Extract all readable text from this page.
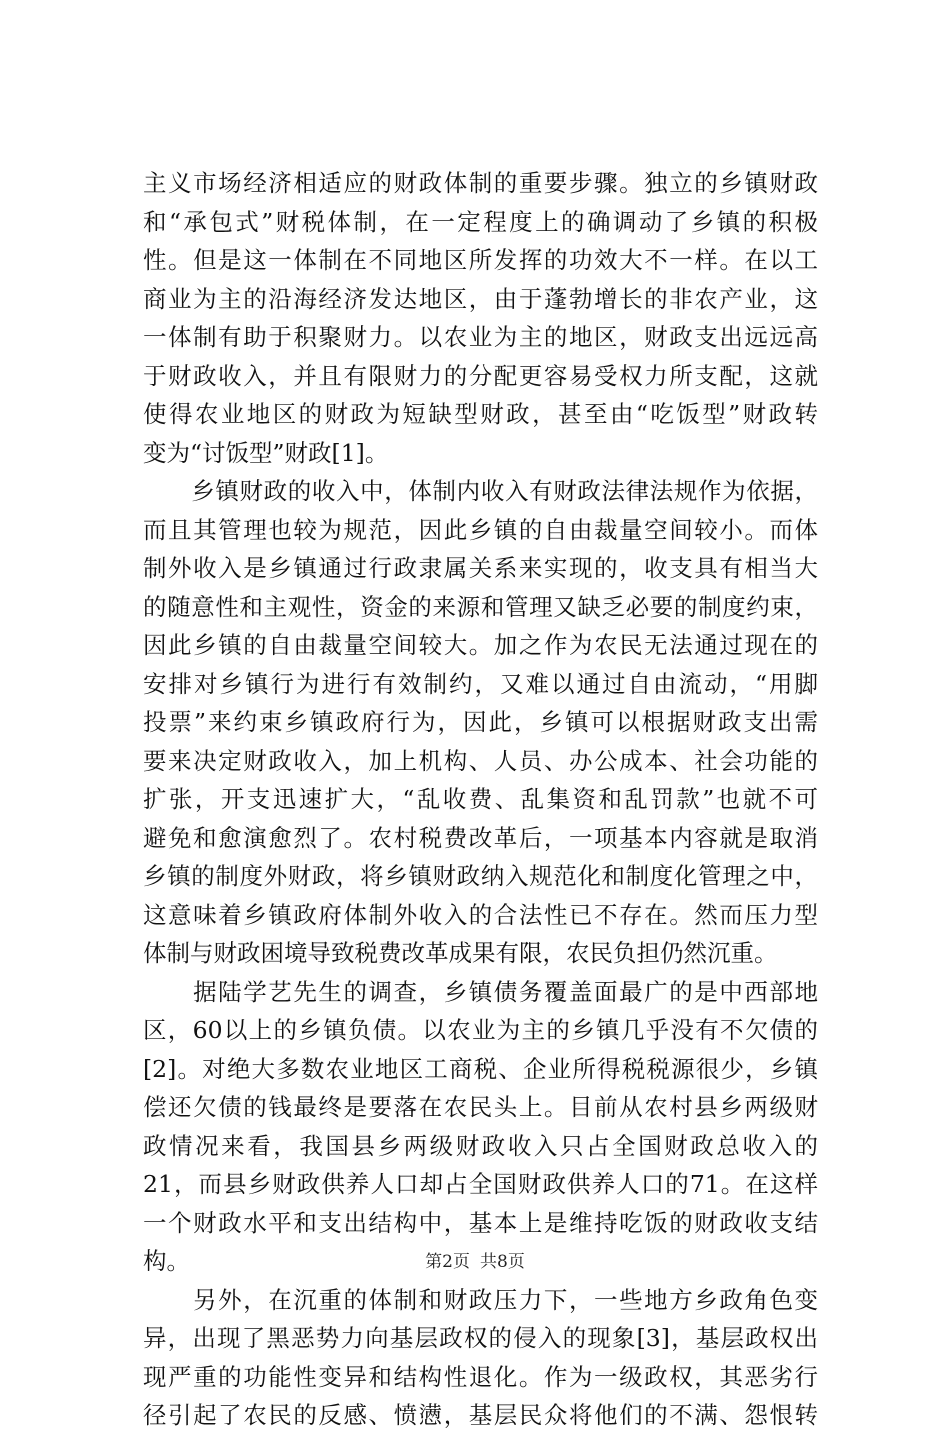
主义市场经济相适应的财政体制的重要步骤。独立的乡镇财政
和“承包式”财税体制，在一定程度上的确调动了乡镇的积极
性。但是这一体制在不同地区所发挥的功效大不一样。在以工
商业为主的沿海经济发达地区，由于蓬勃增长的非农产业，这
一体制有助于积聚财力。以农业为主的地区，财政支出远远高
于财政收入，并且有限财力的分配更容易受权力所支配，这就
使得农业地区的财政为短缺型财政，甚至由“吃饭型”财政转
变为“讨饭型”财政[1]。
　　乡镇财政的收入中，体制内收入有财政法律法规作为依据，
而且其管理也较为规范，因此乡镇的自由裁量空间较小。而体
制外收入是乡镇通过行政隶属关系来实现的，收支具有相当大
的随意性和主观性，资金的来源和管理又缺乏必要的制度约束，
因此乡镇的自由裁量空间较大。加之作为农民无法通过现在的
安排对乡镇行为进行有效制约，又难以通过自由流动，“用脚
投票”来约束乡镇政府行为，因此，乡镇可以根据财政支出需
要来决定财政收入，加上机构、人员、办公成本、社会功能的
扩张，开支迅速扩大，“乱收费、乱集资和乱罚款”也就不可
避免和愈演愈烈了。农村税费改革后，一项基本内容就是取消
乡镇的制度外财政，将乡镇财政纳入规范化和制度化管理之中，
这意味着乡镇政府体制外收入的合法性已不存在。然而压力型
体制与财政困境导致税费改革成果有限，农民负担仍然沉重。
　　据陆学艺先生的调查，乡镇债务覆盖面最广的是中西部地
区，60以上的乡镇负债。以农业为主的乡镇几乎没有不欠债的
[2]。对绝大多数农业地区工商税、企业所得税税源很少，乡镇
偿还欠债的钱最终是要落在农民头上。目前从农村县乡两级财
政情况来看，我国县乡两级财政收入只占全国财政总收入的
21，而县乡财政供养人口却占全国财政供养人口的71。在这样
一个财政水平和支出结构中，基本上是维持吃饭的财政收支结
构。
　　另外，在沉重的体制和财政压力下，一些地方乡政角色变
异，出现了黑恶势力向基层政权的侵入的现象[3]，基层政权出
现严重的功能性变异和结构性退化。作为一级政权，其恶劣行
径引起了农民的反感、愤懑，基层民众将他们的不满、怨恨转
第2页 共8页
